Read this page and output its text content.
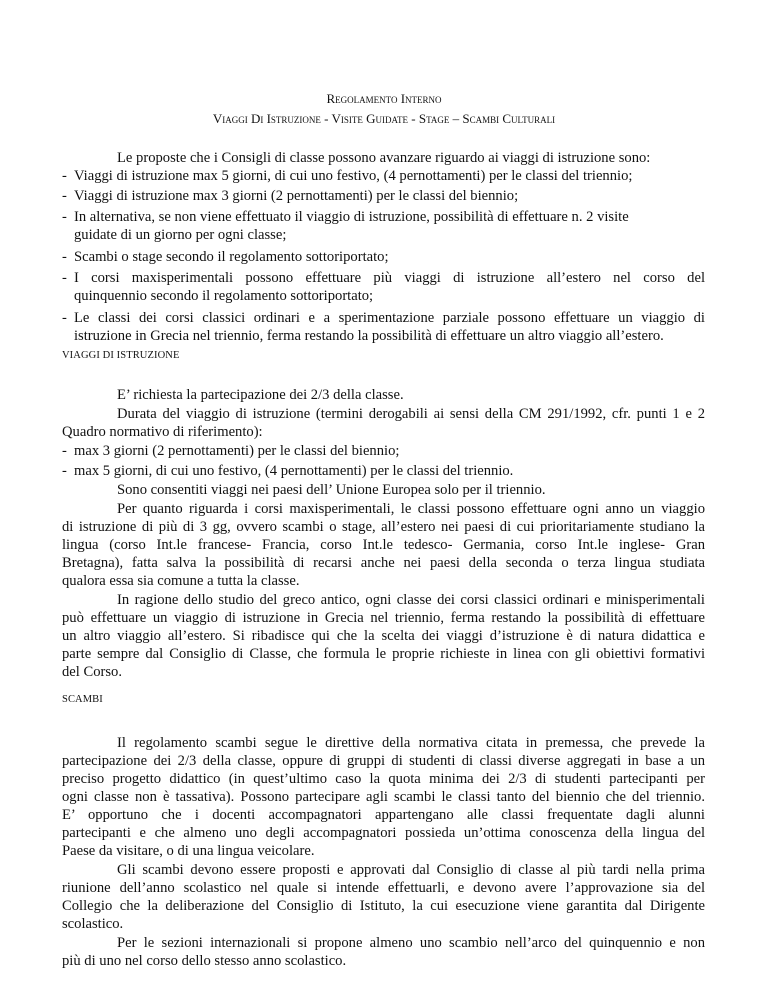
Regolamento Interno
Viaggi Di Istruzione - Visite Guidate - Stage – Scambi Culturali
Le proposte che i Consigli di classe possono avanzare riguardo ai viaggi di istruzione sono:
- Viaggi di istruzione max 5 giorni, di cui uno festivo, (4 pernottamenti) per le classi del triennio;
- Viaggi di istruzione max 3 giorni (2 pernottamenti) per le classi del biennio;
- In alternativa, se non viene effettuato il viaggio di istruzione, possibilità di effettuare n. 2 visite
guidate di un giorno per ogni classe;
- Scambi o stage secondo il regolamento sottoriportato;
- I corsi maxisperimentali possono effettuare più viaggi di istruzione all’estero nel corso del
quinquennio secondo il regolamento sottoriportato;
- Le classi dei corsi classici ordinari e a sperimentazione parziale possono effettuare un viaggio di
istruzione in Grecia nel triennio, ferma restando la possibilità di effettuare un altro viaggio all’estero.
VIAGGI DI ISTRUZIONE
E’ richiesta la partecipazione dei 2/3 della classe.
Durata del viaggio di istruzione (termini derogabili ai sensi della CM 291/1992, cfr. punti 1 e 2
Quadro normativo di riferimento):
- max 3 giorni (2 pernottamenti) per le classi del biennio;
- max 5 giorni, di cui uno festivo, (4 pernottamenti) per le classi del triennio.
Sono consentiti viaggi nei paesi dell’ Unione Europea solo per il triennio.
Per quanto riguarda i corsi maxisperimentali, le classi possono effettuare ogni anno un viaggio
di istruzione di più di 3 gg, ovvero scambi o stage, all’estero nei paesi di cui prioritariamente studiano la
lingua (corso Int.le francese- Francia, corso Int.le tedesco- Germania, corso Int.le inglese- Gran
Bretagna), fatta salva la possibilità di recarsi anche nei paesi della seconda o terza lingua studiata
qualora essa sia comune a tutta la classe.
In ragione dello studio del greco antico, ogni classe dei corsi classici ordinari e minisperimentali
può effettuare un viaggio di istruzione in Grecia nel triennio, ferma restando la possibilità di effettuare
un altro viaggio all’estero. Si ribadisce qui che la scelta dei viaggi d’istruzione è di natura didattica e
parte sempre dal Consiglio di Classe, che formula le proprie richieste in linea con gli obiettivi formativi
del Corso.
SCAMBI
Il regolamento scambi segue le direttive della normativa citata in premessa, che prevede la
partecipazione dei 2/3 della classe, oppure di gruppi di studenti di classi diverse aggregati in base a un
preciso progetto didattico (in quest’ultimo caso la quota minima dei 2/3 di studenti partecipanti per
ogni classe non è tassativa). Possono partecipare agli scambi le classi tanto del biennio che del triennio.
E’ opportuno che i docenti accompagnatori appartengano alle classi frequentate dagli alunni
partecipanti e che almeno uno degli accompagnatori possieda un’ottima conoscenza della lingua del
Paese da visitare, o di una lingua veicolare.
Gli scambi devono essere proposti e approvati dal Consiglio di classe al più tardi nella prima
riunione dell’anno scolastico nel quale si intende effettuarli, e devono avere l’approvazione sia del
Collegio che la deliberazione del Consiglio di Istituto, la cui esecuzione viene garantita dal Dirigente
scolastico.
Per le sezioni internazionali si propone almeno uno scambio nell’arco del quinquennio e non
più di uno nel corso dello stesso anno scolastico.
